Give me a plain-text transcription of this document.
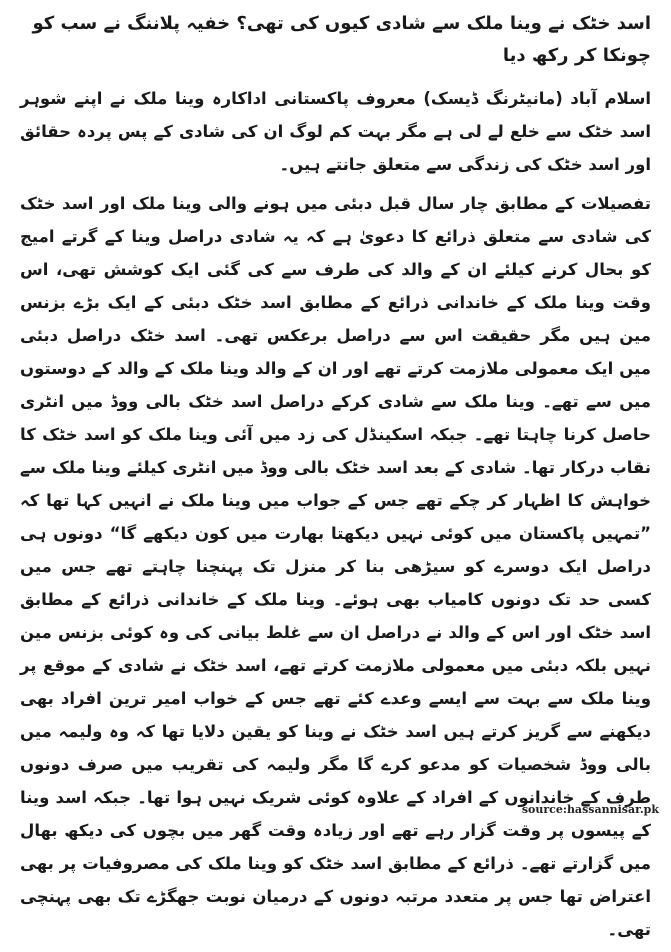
اسد خٹک نے وینا ملک سے شادی کیوں کی تھی؟ خفیہ پلاننگ نے سب کو چونکا کر رکھ دیا

اسلام آباد (مانیٹرنگ ڈیسک) معروف پاکستانی اداکارہ وینا ملک نے اپنے شوہر اسد خٹک سے خلع لے لی ہے مگر بہت کم لوگ ان کی شادی کے پس پردہ حقائق اور اسد خٹک کی زندگی سے متعلق جانتے ہیں۔

تفصیلات کے مطابق چار سال قبل دبئی میں ہونے والی وینا ملک اور اسد خٹک کی شادی سے متعلق ذرائع کا دعویٰ ہے کہ یہ شادی دراصل وینا کے گرتے امیج کو بحال کرنے کیلئے ان کے والد کی طرف سے کی گئی ایک کوشش تھی، اس وقت وینا ملک کے خاندانی ذرائع کے مطابق اسد خٹک دبئی کے ایک بڑے بزنس مین ہیں مگر حقیقت اس سے دراصل برعکس تھی۔ اسد خٹک دراصل دبئی میں ایک معمولی ملازمت کرتے تھے اور ان کے والد وینا ملک کے والد کے دوستوں میں سے تھے۔ وینا ملک سے شادی کرکے دراصل اسد خٹک بالی ووڈ میں انٹری حاصل کرنا چاہتا تھے۔ جبکہ اسکینڈل کی زد میں آئی وینا ملک کو اسد خٹک کا نقاب درکار تھا۔ شادی کے بعد اسد خٹک بالی ووڈ میں انٹری کیلئے وینا ملک سے خواہش کا اظہار کر چکے تھے جس کے جواب میں وینا ملک نے انہیں کہا تھا کہ ”تمہیں پاکستان میں کوئی نہیں دیکھتا بھارت میں کون دیکھے گا“ دونوں ہی دراصل ایک دوسرے کو سیڑھی بنا کر منزل تک پہنچنا چاہتے تھے جس میں کسی حد تک دونوں کامیاب بھی ہوئے۔ وینا ملک کے خاندانی ذرائع کے مطابق اسد خٹک اور اس کے والد نے دراصل ان سے غلط بیانی کی وہ کوئی بزنس مین نہیں بلکہ دبئی میں معمولی ملازمت کرتے تھے، اسد خٹک نے شادی کے موقع پر وینا ملک سے بہت سے ایسے وعدے کئے تھے جس کے خواب امیر ترین افراد بھی دیکھنے سے گریز کرتے ہیں اسد خٹک نے وینا کو یقین دلایا تھا کہ وہ ولیمہ میں بالی ووڈ شخصیات کو مدعو کرے گا مگر ولیمہ کی تقریب میں صرف دونوں طرف کے خاندانوں کے افراد کے علاوہ کوئی شریک نہیں ہوا تھا۔ جبکہ اسد وینا کے پیسوں پر وقت گزار رہے تھے اور زیادہ وقت گھر میں بچوں کی دیکھ بھال میں گزارتے تھے۔ ذرائع کے مطابق اسد خٹک کو وینا ملک کی مصروفیات پر بھی اعتراض تھا جس پر متعدد مرتبہ دونوں کے درمیان نوبت جھگڑے تک بھی پہنچی تھی۔

source:hassannisar.pk
